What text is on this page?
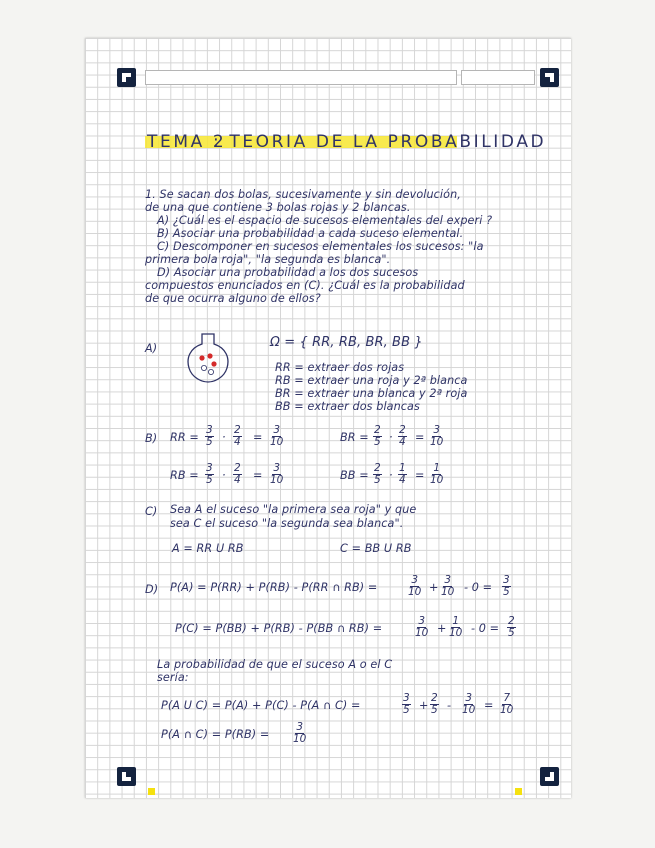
TEMA 2
: TEORIA DE LA PROBABILIDAD
1. Se sacan dos bolas, sucesivamente y sin devolución,
de una que contiene 3 bolas rojas y 2 blancas.
A) ¿Cuál es el espacio de sucesos elementales del experi ?
B) Asociar una probabilidad a cada suceso elemental.
C) Descomponer en sucesos elementales los sucesos: "la
primera bola roja", "la segunda es blanca".
D) Asociar una probabilidad a los dos sucesos
compuestos enunciados en (C). ¿Cuál es la probabilidad
de que ocurra alguno de ellos?
A)	Ω = { RR, RB, BR, BB }
RR = extraer dos rojas
RB = extraer una roja y 2ª blanca
BR = extraer una blanca y 2ª roja
BB = extraer dos blancas
B) RR = $\frac{3}{5} \cdot \frac{2}{4} = \frac{3}{10}$	BR = $\frac{2}{5} \cdot \frac{2}{4} = \frac{3}{10}$
RB = $\frac{3}{5} \cdot \frac{2}{4} = \frac{3}{10}$	BB = $\frac{2}{5} \cdot \frac{1}{4} = \frac{1}{10}$
C) Sea A el suceso "la primera sea roja" y que
sea C el suceso "la segunda sea blanca".
A = RR U RB	C = BB U RB
D) P(A) = P(RR) + P(RB) - P(RR ∩ RB) =	$\frac{3}{10} + \frac{3}{10} - 0 = \frac{3}{5}$
P(C) = P(BB) + P(RB) - P(BB ∩ RB) =	$\frac{3}{10} + \frac{1}{10} - 0 = \frac{2}{5}$
La probabilidad de que el suceso A o el C
sería:
P(A U C) = P(A) + P(C) - P(A ∩ C) =	$\frac{3}{5} + \frac{2}{5} - \frac{3}{10} = \frac{7}{10}$
P(A ∩ $C) = P(RB) = \frac{3}{10}$
